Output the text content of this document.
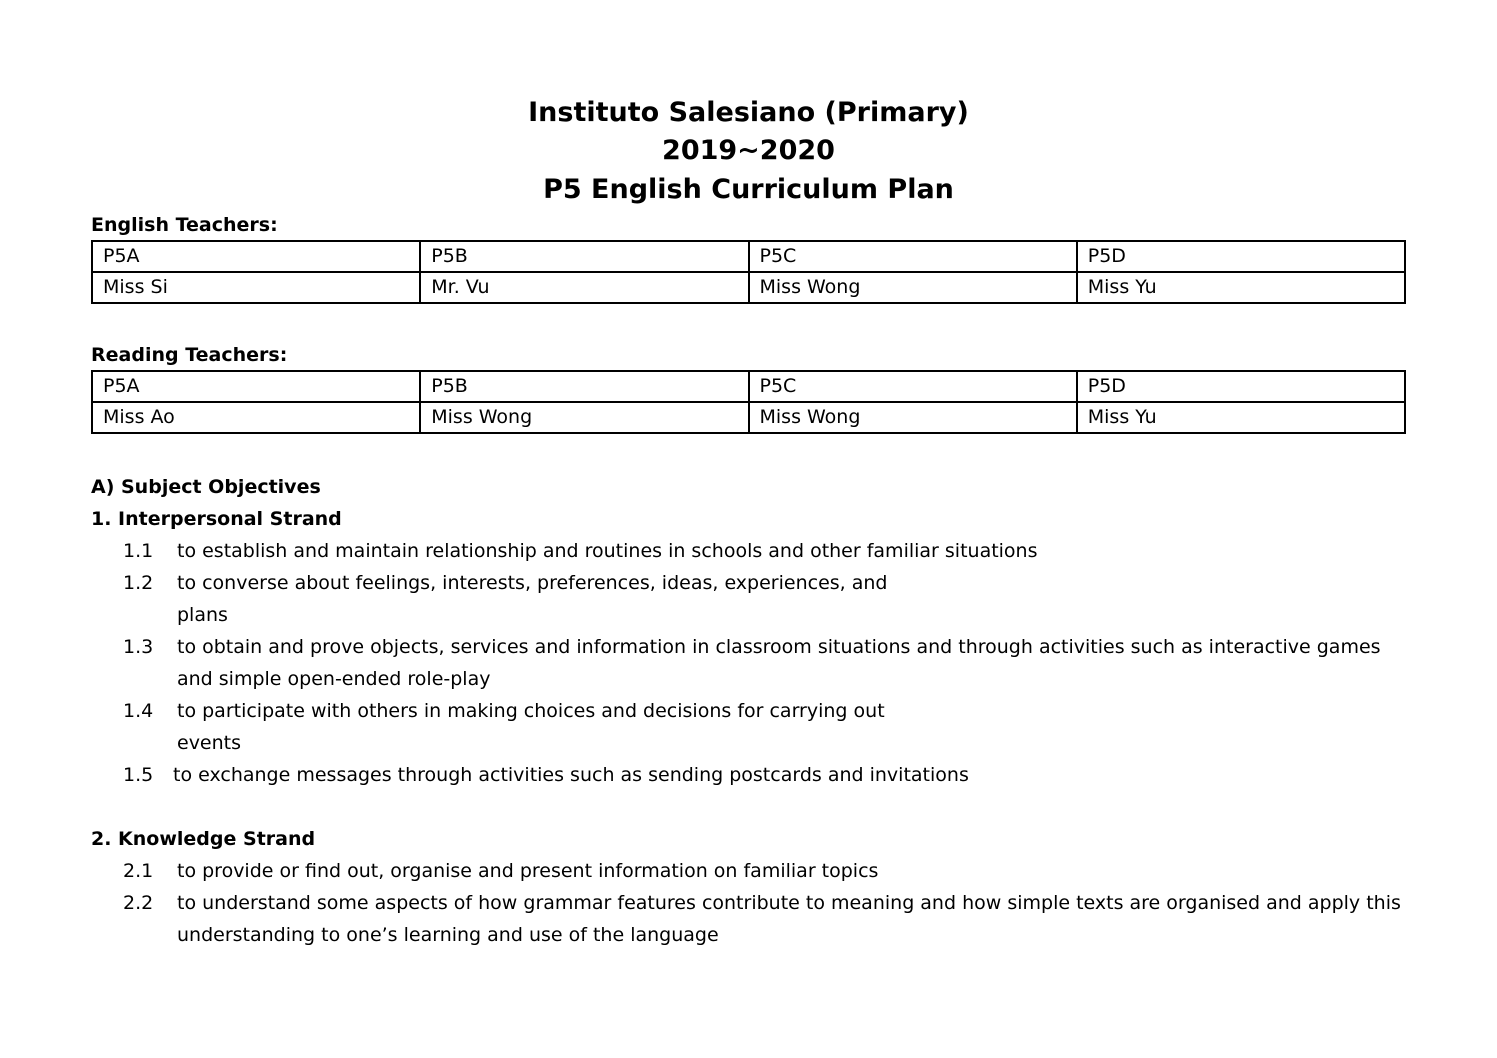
Instituto Salesiano (Primary)
2019~2020
P5 English Curriculum Plan
English Teachers:
P5A	P5B	P5C	P5D
Miss Si	Mr. Vu	Miss Wong	Miss Yu
Reading Teachers:
P5A	P5B	P5C	P5D
Miss Ao	Miss Wong	Miss Wong	Miss Yu
A) Subject Objectives
1. Interpersonal Strand
1.1 to establish and maintain relationship and routines in schools and other familiar situations
1.2 to converse about feelings, interests, preferences, ideas, experiences, and plans
1.3 to obtain and prove objects, services and information in classroom situations and through activities such as interactive games and simple open-ended role-play
1.4 to participate with others in making choices and decisions for carrying out events
1.5 to exchange messages through activities such as sending postcards and invitations
2. Knowledge Strand
2.1 to provide or find out, organise and present information on familiar topics
2.2 to understand some aspects of how grammar features contribute to meaning and how simple texts are organised and apply this understanding to one’s learning and use of the language
